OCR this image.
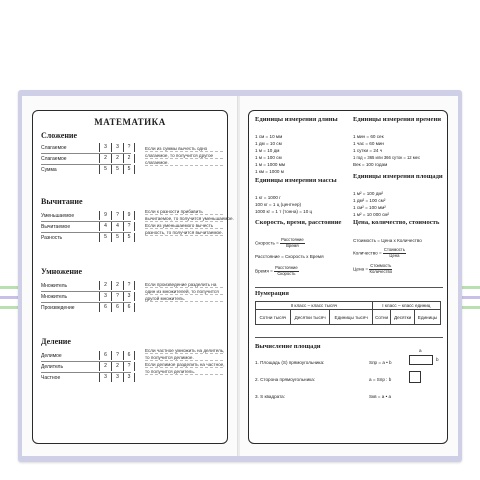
МАТЕМАТИКА
Сложение
Слагаемое	3	3	?
Слагаемое	2	2	2
Сумма	5	5	5
Если из суммы вычесть одно
слагаемое, то получится другое
слагаемое.
Вычитание
Уменьшаемое	9	?	9
Вычитаемое	4	4	?
Разность	5	5	5
Если к разности прибавить
вычитаемое, то получится уменьшаемое.
Если из уменьшаемого вычесть
разность, то получится вычитаемое.
Умножение
Множитель	2	2	?
Множитель	3	?	3
Произведение	6	6	6
Если произведение разделить на
один из множителей, то получится
другой множитель.
Деление
Делимое	6	?	6
Делитель	2	2	?
Частное	3	3	3
Если частное умножить на делитель,
то получится делимое.
Если делимое разделить на частное,
то получится делитель.
Единицы измерения длины
1 см = 10 мм
1 дм = 10 см
1 м = 10 дм
1 м = 100 см
1 м = 1000 мм
1 км = 1000 м
Единицы измерения времени
1 мин = 60 сек
1 час = 60 мин
1 сутки = 24 ч
1 год = 365 или 366 суток = 12 мес
Век = 100 годам
Единицы измерения массы
1 кг = 1000 г
100 кг = 1 ц (центнер)
1000 кг = 1 т (тонна) = 10 ц
Единицы измерения площади
1 м² = 100 дм²
1 дм² = 100 см²
1 см² = 100 мм²
1 м² = 10 000 см²
Скорость, время, расстояние
Скорость = $\frac{\text{Расстояние}}{\text{Время}}$
Расстояние = Скорость х Время
Время = $\frac{\text{Расстояние}}{\text{Скорость}}$
Цена, количество, стоимость
Стоимость = Цена х Количество
Количество = $\frac{\text{Стоимость}}{\text{Цена}}$
Цена = $\frac{\text{Стоимость}}{\text{Количество}}$
Нумерация
II класс – класс тысяч			I класс – класс единиц		
Сотни тысяч	Десятки тысяч	Единицы тысяч	Сотни	Десятки	Единицы
Вычисление площади
1. Площадь (S) прямоугольника:	Sпр = a • b
b
a
2. Сторона прямоугольника:	a = Sпр : b
3. S квадрата:	Sкв = a • a
